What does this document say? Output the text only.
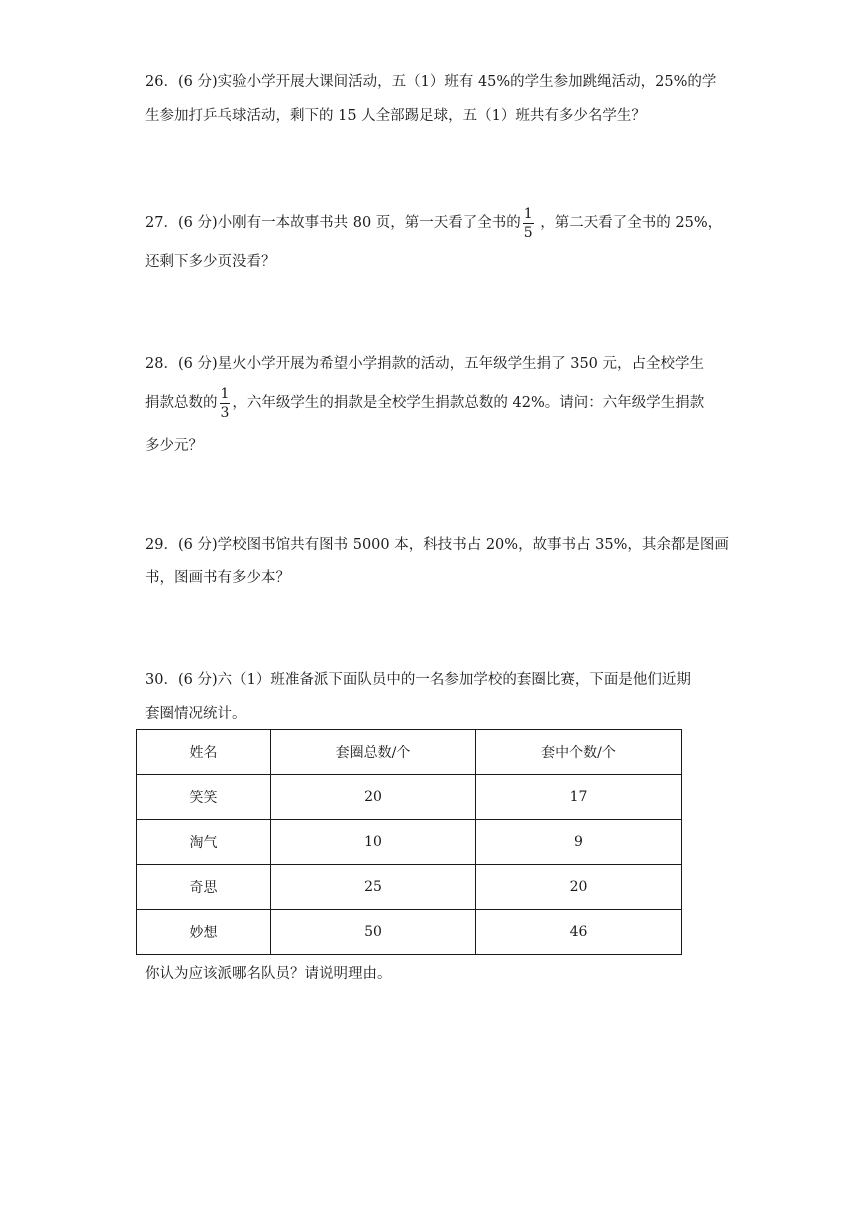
26．(6 分)实验小学开展大课间活动，五（1）班有 45%的学生参加跳绳活动，25%的学
生参加打乒乓球活动，剩下的 15 人全部踢足球，五（1）班共有多少名学生？
27．(6 分)小刚有一本故事书共 80 页，第一天看了全书的 $\frac{1}{5}$ ，第二天看了全书的 25%，
还剩下多少页没看？
28．(6 分)星火小学开展为希望小学捐款的活动，五年级学生捐了 350 元，占全校学生
捐款总数的 $\frac{1}{3}$ ，六年级学生的捐款是全校学生捐款总数的 42%。请问：六年级学生捐款
多少元？
29．(6 分)学校图书馆共有图书 5000 本，科技书占 20%，故事书占 35%，其余都是图画
书，图画书有多少本？
30．(6 分)六（1）班准备派下面队员中的一名参加学校的套圈比赛，下面是他们近期
套圈情况统计。
姓名	套圈总数/个	套中个数/个
笑笑	20	17
淘气	10	9
奇思	25	20
妙想	50	46
你认为应该派哪名队员？请说明理由。
